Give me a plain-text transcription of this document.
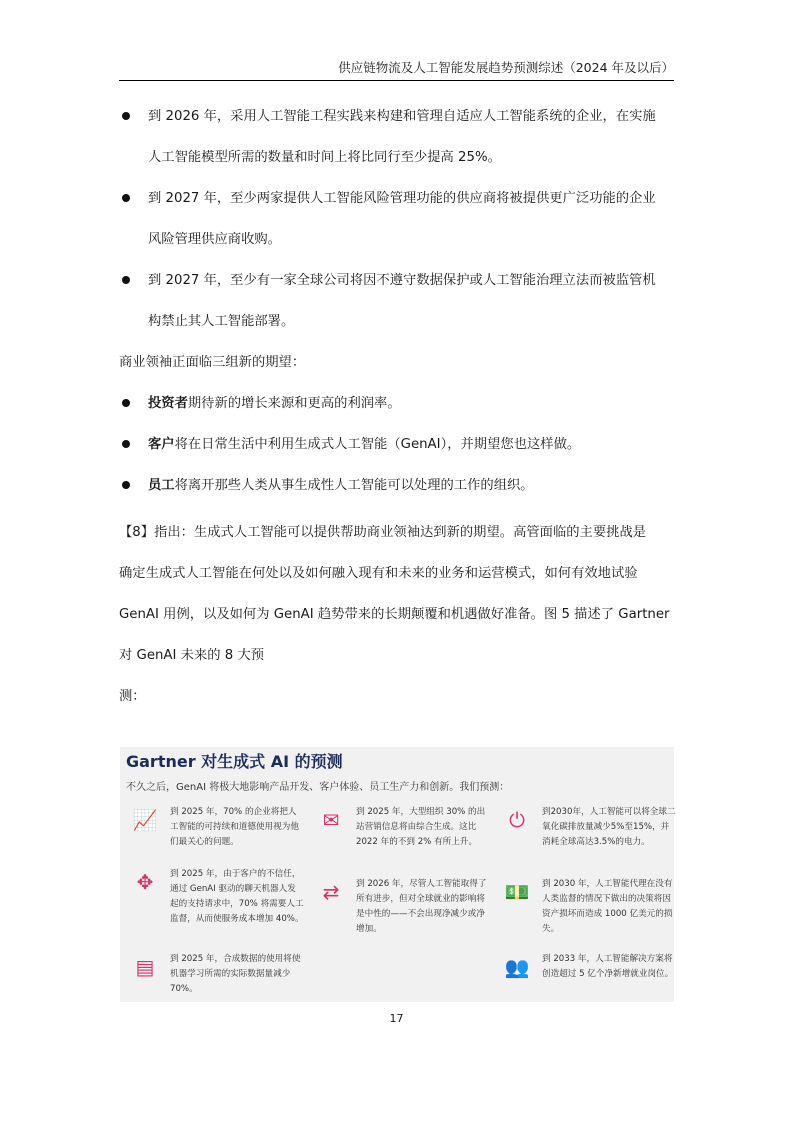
供应链物流及人工智能发展趋势预测综述（2024 年及以后）
到 2026 年，采用人工智能工程实践来构建和管理自适应人工智能系统的企业，在实施
人工智能模型所需的数量和时间上将比同行至少提高 25%。
到 2027 年，至少两家提供人工智能风险管理功能的供应商将被提供更广泛功能的企业
风险管理供应商收购。
到 2027 年，至少有一家全球公司将因不遵守数据保护或人工智能治理立法而被监管机
构禁止其人工智能部署。
商业领袖正面临三组新的期望：
投资者期待新的增长来源和更高的利润率。
客户将在日常生活中利用生成式人工智能（GenAI），并期望您也这样做。
员工将离开那些人类从事生成性人工智能可以处理的工作的组织。
【8】指出：生成式人工智能可以提供帮助商业领袖达到新的期望。高管面临的主要挑战是
确定生成式人工智能在何处以及如何融入现有和未来的业务和运营模式，如何有效地试验
GenAI 用例，以及如何为 GenAI 趋势带来的长期颠覆和机遇做好准备。图 5 描述了 Gartner
对 GenAI 未来的 8 大预
测：
Gartner 对生成式 AI 的预测
不久之后，GenAI 将极大地影响产品开发、客户体验、员工生产力和创新。我们预测：
📈 到 2025 年，70% 的企业将把人工智能的可持续和道德使用视为他们最关心的问题。
✉	到 2025 年，大型组织 30% 的出站营销信息将由综合生成。这比 2022 年的不到 2% 有所上升。
⏻	到2030年，人工智能可以将全球二氧化碳排放量减少5%至15%，并消耗全球高达3.5%的电力。
✥	到 2025 年，由于客户的不信任，通过 GenAI 驱动的聊天机器人发起的支持请求中，70% 将需要人工监督，从而使服务成本增加 40%。
⇄	到 2026 年，尽管人工智能取得了所有进步，但对全球就业的影响将是中性的——不会出现净减少或净增加。
💵 到 2030 年，人工智能代理在没有人类监督的情况下做出的决策将因资产损坏而造成 1000 亿美元的损失。
▤	到 2025 年，合成数据的使用将使机器学习所需的实际数据量减少 70%。
👥 到 2033 年，人工智能解决方案将创造超过 5 亿个净新增就业岗位。
17
